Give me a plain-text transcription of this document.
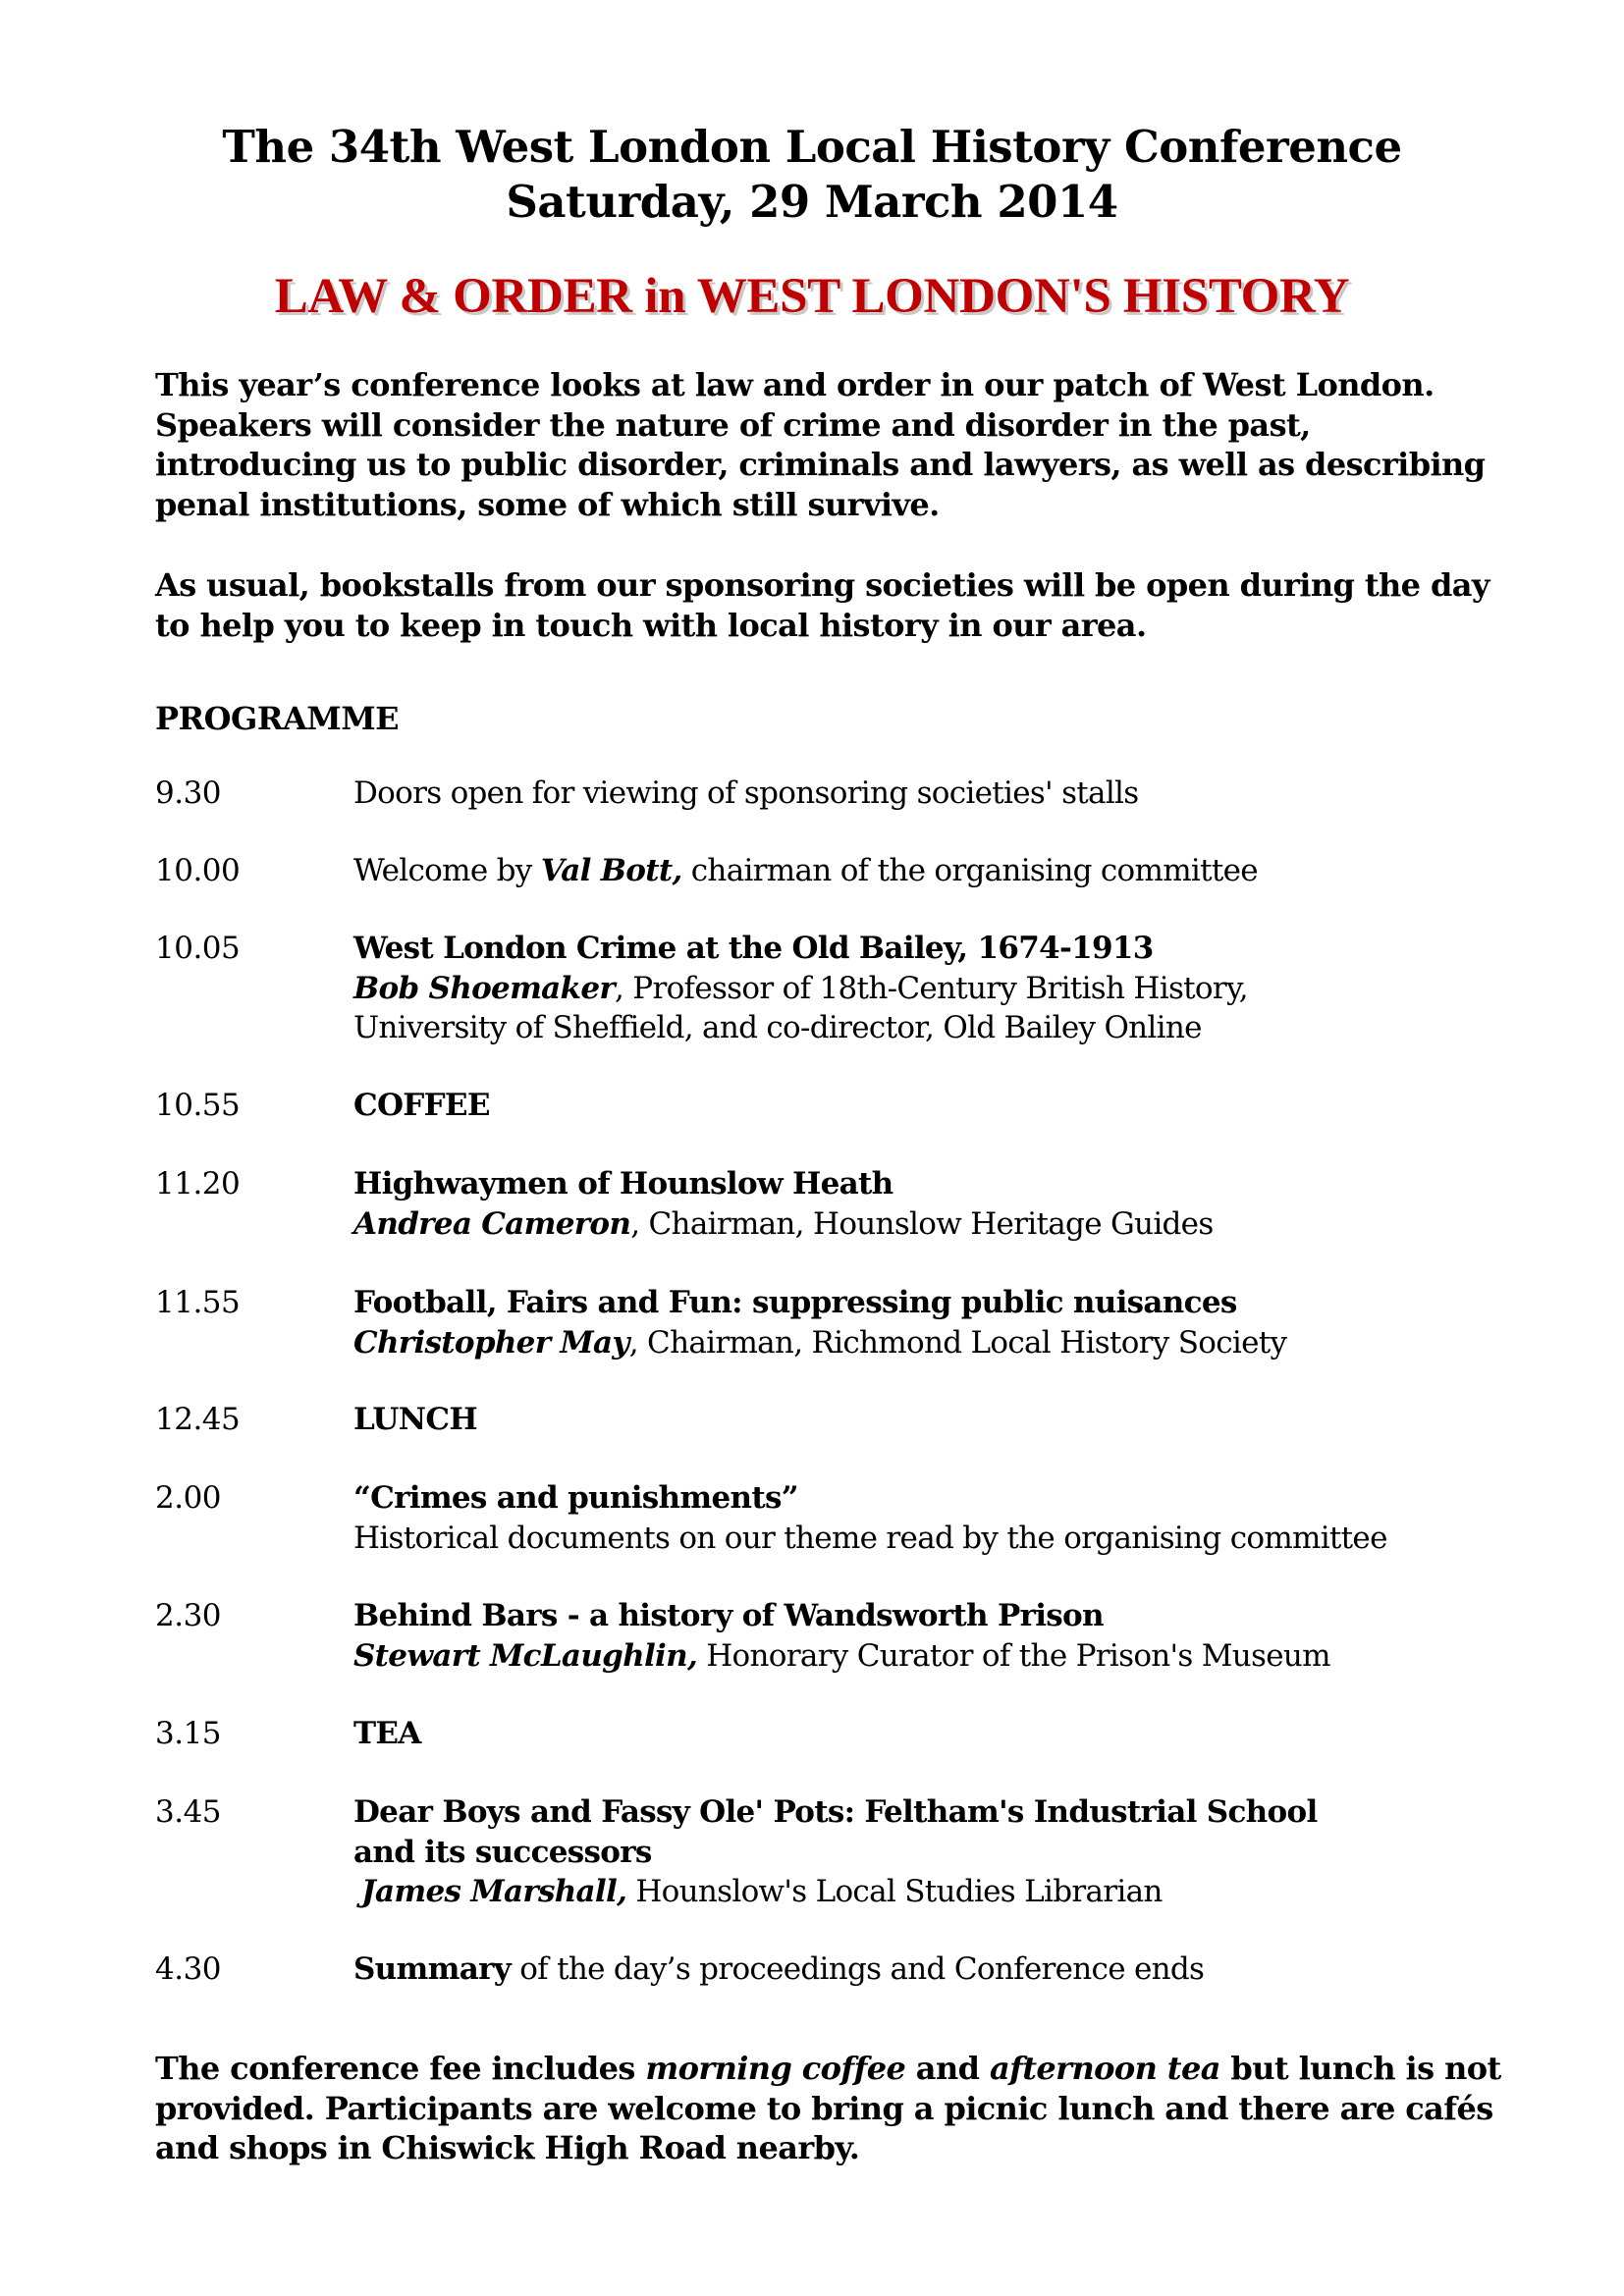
The 34th West London Local History Conference
Saturday, 29 March 2014
LAW & ORDER in WEST LONDON'S HISTORY
This year’s conference looks at law and order in our patch of West London. Speakers will consider the nature of crime and disorder in the past, introducing us to public disorder, criminals and lawyers, as well as describing penal institutions, some of which still survive.
As usual, bookstalls from our sponsoring societies will be open during the day to help you to keep in touch with local history in our area.
PROGRAMME
9.30	Doors open for viewing of sponsoring societies' stalls
10.00	Welcome by Val Bott, chairman of the organising committee
10.05	West London Crime at the Old Bailey, 1674-1913
Bob Shoemaker, Professor of 18th-Century British History,
University of Sheffield, and co-director, Old Bailey Online
10.55	COFFEE
11.20	Highwaymen of Hounslow Heath
Andrea Cameron, Chairman, Hounslow Heritage Guides
11.55	Football, Fairs and Fun: suppressing public nuisances
Christopher May, Chairman, Richmond Local History Society
12.45	LUNCH
2.00	“Crimes and punishments”
Historical documents on our theme read by the organising committee
2.30	Behind Bars - a history of Wandsworth Prison
Stewart McLaughlin, Honorary Curator of the Prison's Museum
3.15	TEA
3.45	Dear Boys and Fassy Ole' Pots: Feltham's Industrial School
and its successors
James Marshall, Hounslow's Local Studies Librarian
4.30	Summary of the day’s proceedings and Conference ends
The conference fee includes morning coffee and afternoon tea but lunch is not provided. Participants are welcome to bring a picnic lunch and there are cafés and shops in Chiswick High Road nearby.
